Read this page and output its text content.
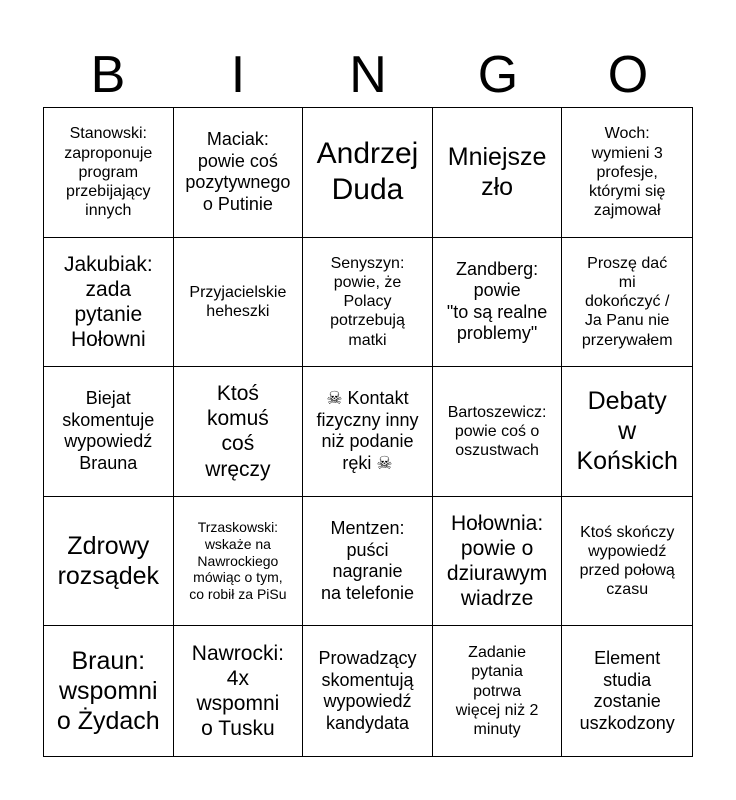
B	I	N	G	O
Stanowski:
zaproponuje
program
przebijający
innych
Maciak:
powie coś
pozytywnego
o Putinie
Andrzej
Duda
Mniejsze
zło
Woch:
wymieni 3
profesje,
którymi się
zajmował
Jakubiak:
zada
pytanie
Hołowni
Przyjacielskie
heheszki
Senyszyn:
powie, że
Polacy
potrzebują
matki
Zandberg:
powie
"to są realne
problemy"
Proszę dać
mi
dokończyć /
Ja Panu nie
przerywałem
Biejat
skomentuje
wypowiedź
Brauna
Ktoś
komuś
coś
wręczy
☠ Kontakt
fizyczny inny
niż podanie
ręki ☠
Bartoszewicz:
powie coś o
oszustwach
Debaty
w
Końskich
Zdrowy
rozsądek
Trzaskowski:
wskaże na
Nawrockiego
mówiąc o tym,
co robił za PiSu
Mentzen:
puści
nagranie
na telefonie
Hołownia:
powie o
dziurawym
wiadrze
Ktoś skończy
wypowiedź
przed połową
czasu
Braun:
wspomni
o Żydach
Nawrocki:
4x
wspomni
o Tusku
Prowadzący
skomentują
wypowiedź
kandydata
Zadanie
pytania
potrwa
więcej niż 2
minuty
Element
studia
zostanie
uszkodzony
